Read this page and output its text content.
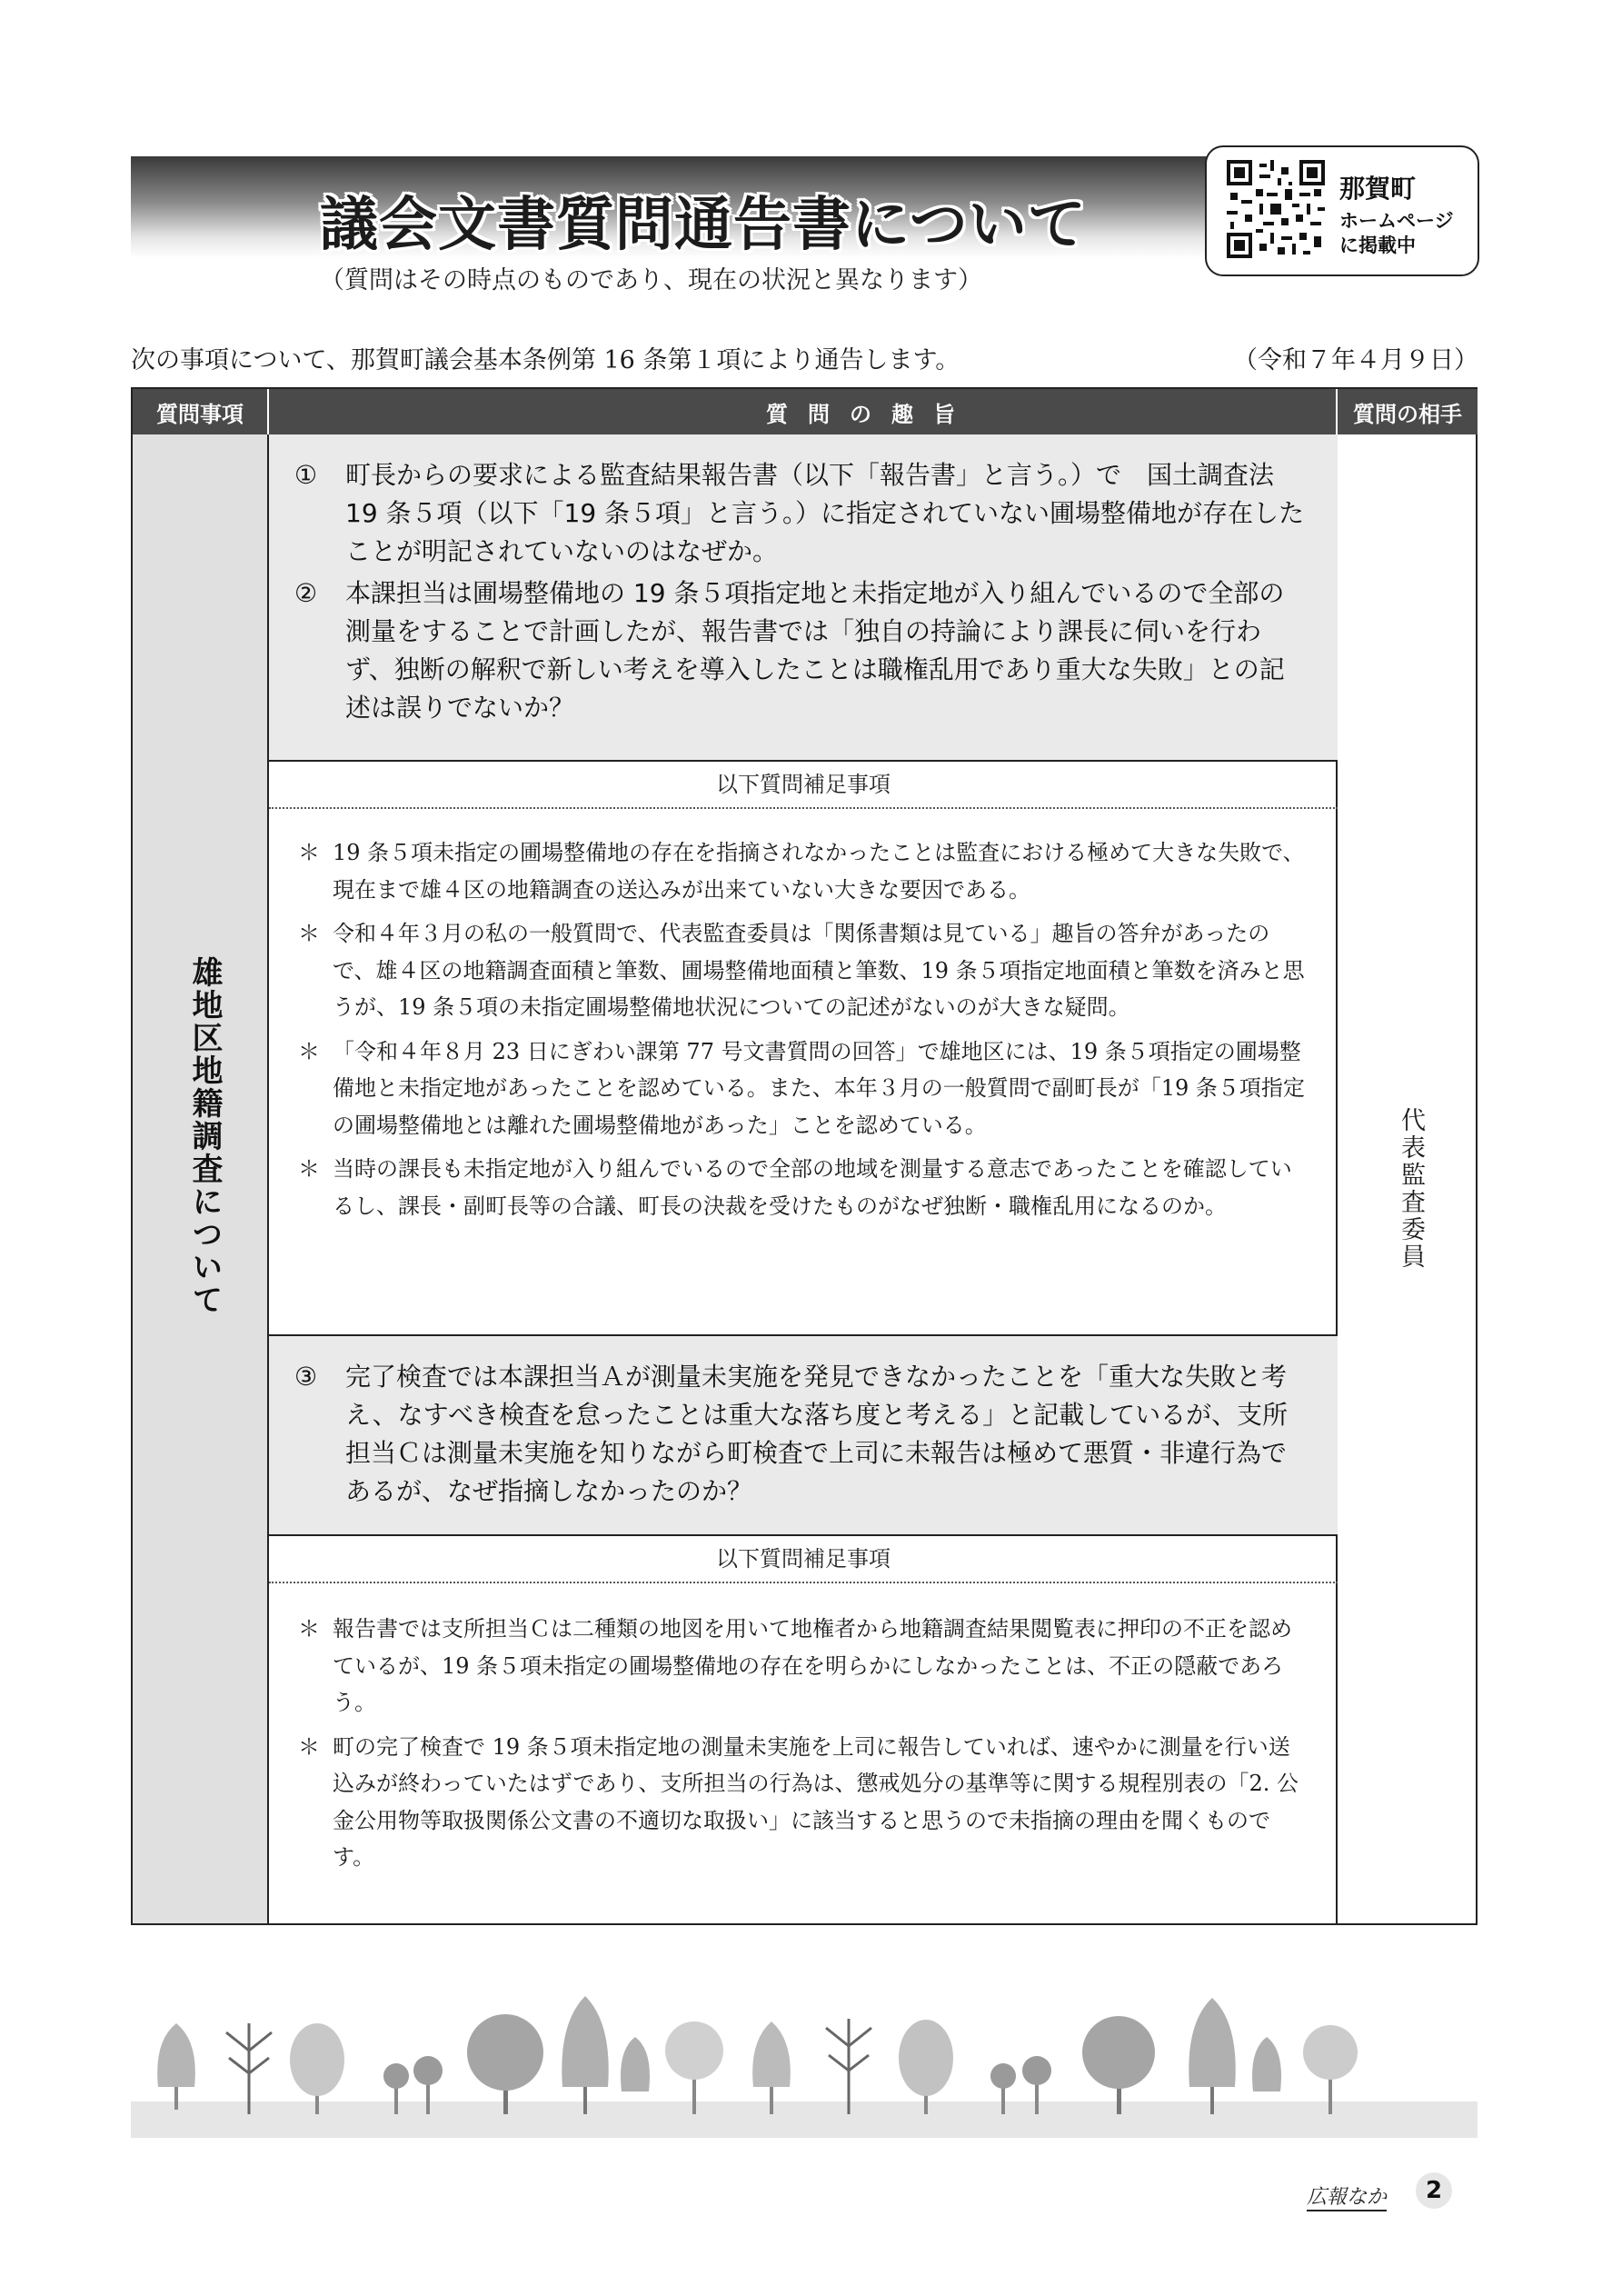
議会文書質問通告書について
（質問はその時点のものであり、現在の状況と異なります）
那賀町
ホームページ
に掲載中
次の事項について、那賀町議会基本条例第 16 条第１項により通告します。	（令和７年４月９日）
質問事項	質問の趣旨	質問の相手
雄地区地籍調査について	代表監査委員

① 町長からの要求による監査結果報告書（以下「報告書」と言う。）で　国土調査法 19 条５項（以下「19 条５項」と言う。）に指定されていない圃場整備地が存在したことが明記されていないのはなぜか。

② 本課担当は圃場整備地の 19 条５項指定地と未指定地が入り組んでいるので全部の測量をすることで計画したが、報告書では「独自の持論により課長に伺いを行わず、独断の解釈で新しい考えを導入したことは職権乱用であり重大な失敗」との記述は誤りでないか？

以下質問補足事項

＊ 19 条５項未指定の圃場整備地の存在を指摘されなかったことは監査における極めて大きな失敗で、現在まで雄４区の地籍調査の送込みが出来ていない大きな要因である。

＊ 令和４年３月の私の一般質問で、代表監査委員は「関係書類は見ている」趣旨の答弁があったので、雄４区の地籍調査面積と筆数、圃場整備地面積と筆数、19 条５項指定地面積と筆数を済みと思うが、19 条５項の未指定圃場整備地状況についての記述がないのが大きな疑問。

＊ 「令和４年８月 23 日にぎわい課第 77 号文書質問の回答」で雄地区には、19 条５項指定の圃場整備地と未指定地があったことを認めている。また、本年３月の一般質問で副町長が「19 条５項指定の圃場整備地とは離れた圃場整備地があった」ことを認めている。

＊ 当時の課長も未指定地が入り組んでいるので全部の地域を測量する意志であったことを確認しているし、課長・副町長等の合議、町長の決裁を受けたものがなぜ独断・職権乱用になるのか。

③ 完了検査では本課担当Ａが測量未実施を発見できなかったことを「重大な失敗と考え、なすべき検査を怠ったことは重大な落ち度と考える」と記載しているが、支所担当Ｃは測量未実施を知りながら町検査で上司に未報告は極めて悪質・非違行為であるが、なぜ指摘しなかったのか？

以下質問補足事項

＊ 報告書では支所担当Ｃは二種類の地図を用いて地権者から地籍調査結果閲覧表に押印の不正を認めているが、19 条５項未指定の圃場整備地の存在を明らかにしなかったことは、不正の隠蔽であろう。

＊ 町の完了検査で 19 条５項未指定地の測量未実施を上司に報告していれば、速やかに測量を行い送込みが終わっていたはずであり、支所担当の行為は、懲戒処分の基準等に関する規程別表の「2. 公金公用物等取扱関係公文書の不適切な取扱い」に該当すると思うので未指摘の理由を聞くものです。

広報なか	2
